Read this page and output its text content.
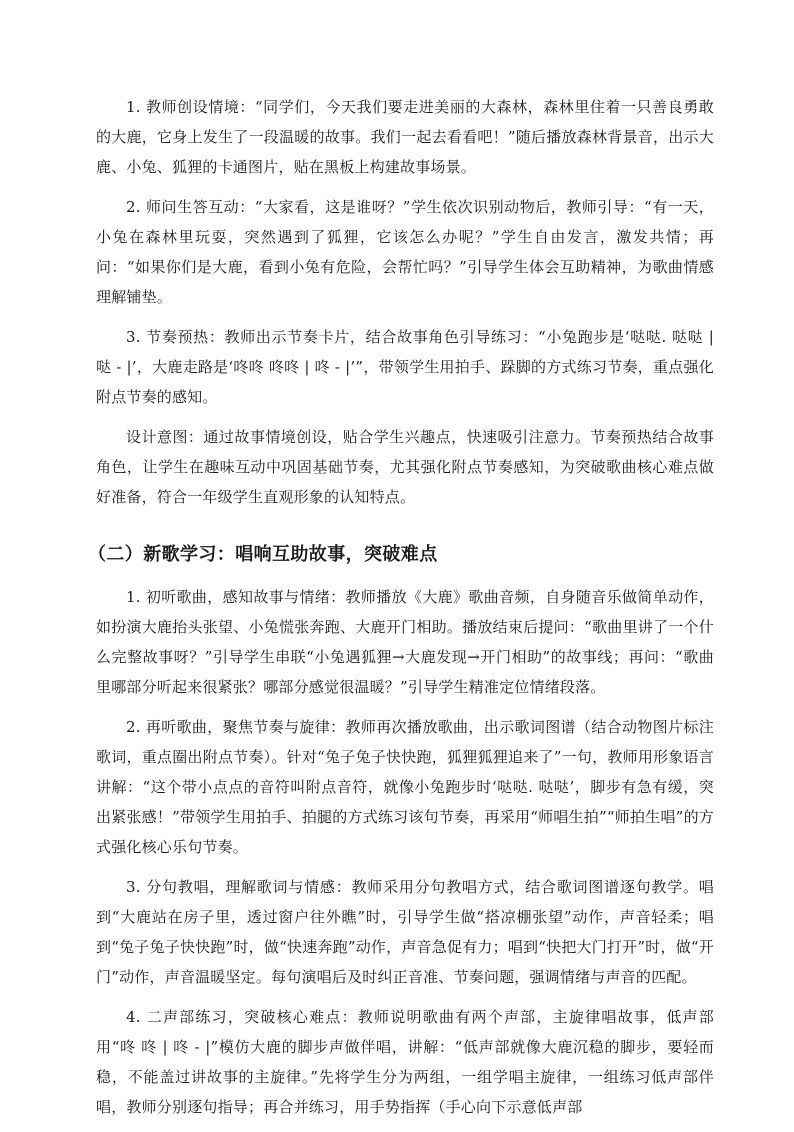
1. 教师创设情境：“同学们，今天我们要走进美丽的大森林，森林里住着一只善良勇敢的大鹿，它身上发生了一段温暖的故事。我们一起去看看吧！”随后播放森林背景音，出示大鹿、小兔、狐狸的卡通图片，贴在黑板上构建故事场景。

2. 师问生答互动：“大家看，这是谁呀？”学生依次识别动物后，教师引导：“有一天，小兔在森林里玩耍，突然遇到了狐狸，它该怎么办呢？”学生自由发言，激发共情；再问：“如果你们是大鹿，看到小兔有危险，会帮忙吗？”引导学生体会互助精神，为歌曲情感理解铺垫。

3. 节奏预热：教师出示节奏卡片，结合故事角色引导练习：“小兔跑步是‘哒哒. 哒哒 | 哒 - |’，大鹿走路是‘咚咚 咚咚 | 咚 - |’”，带领学生用拍手、跺脚的方式练习节奏，重点强化附点节奏的感知。

设计意图：通过故事情境创设，贴合学生兴趣点，快速吸引注意力。节奏预热结合故事角色，让学生在趣味互动中巩固基础节奏，尤其强化附点节奏感知，为突破歌曲核心难点做好准备，符合一年级学生直观形象的认知特点。

（二）新歌学习：唱响互助故事，突破难点

1. 初听歌曲，感知故事与情绪：教师播放《大鹿》歌曲音频，自身随音乐做简单动作，如扮演大鹿抬头张望、小兔慌张奔跑、大鹿开门相助。播放结束后提问：“歌曲里讲了一个什么完整故事呀？”引导学生串联“小兔遇狐狸→大鹿发现→开门相助”的故事线；再问：“歌曲里哪部分听起来很紧张？哪部分感觉很温暖？”引导学生精准定位情绪段落。

2. 再听歌曲，聚焦节奏与旋律：教师再次播放歌曲，出示歌词图谱（结合动物图片标注歌词，重点圈出附点节奏）。针对“兔子兔子快快跑，狐狸狐狸追来了”一句，教师用形象语言讲解：“这个带小点点的音符叫附点音符，就像小兔跑步时‘哒哒. 哒哒’，脚步有急有缓，突出紧张感！”带领学生用拍手、拍腿的方式练习该句节奏，再采用“师唱生拍”“师拍生唱”的方式强化核心乐句节奏。

3. 分句教唱，理解歌词与情感：教师采用分句教唱方式，结合歌词图谱逐句教学。唱到“大鹿站在房子里，透过窗户往外瞧”时，引导学生做“搭凉棚张望”动作，声音轻柔；唱到“兔子兔子快快跑”时，做“快速奔跑”动作，声音急促有力；唱到“快把大门打开”时，做“开门”动作，声音温暖坚定。每句演唱后及时纠正音准、节奏问题，强调情绪与声音的匹配。

4. 二声部练习，突破核心难点：教师说明歌曲有两个声部，主旋律唱故事，低声部用“咚 咚 | 咚 - |”模仿大鹿的脚步声做伴唱，讲解：“低声部就像大鹿沉稳的脚步，要轻而稳，不能盖过讲故事的主旋律。”先将学生分为两组，一组学唱主旋律，一组练习低声部伴唱，教师分别逐句指导；再合并练习，用手势指挥（手心向下示意低声部
